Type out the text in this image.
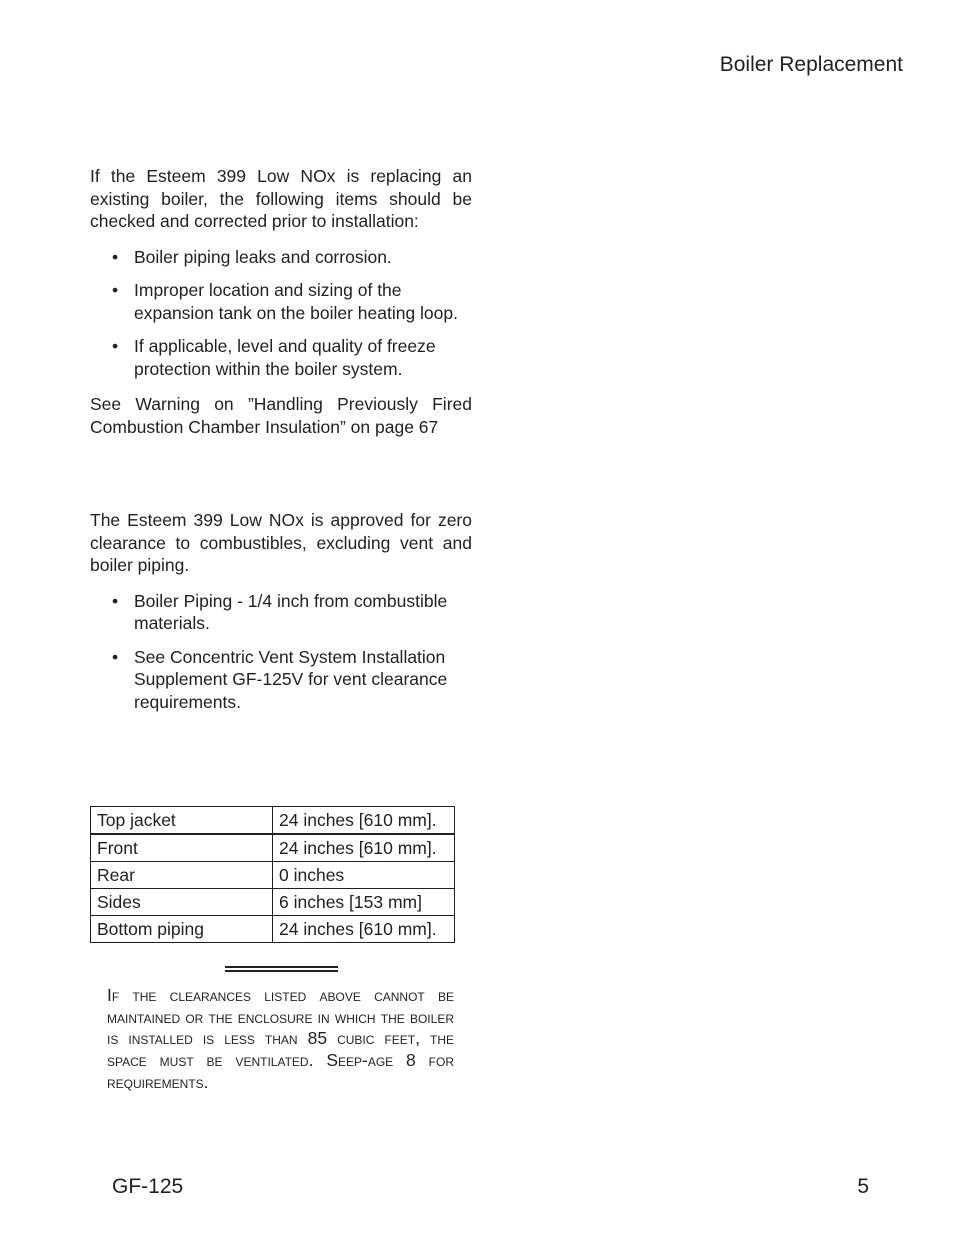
Boiler Replacement

If the Esteem 399 Low NOx is replacing an existing boiler, the following items should be checked and corrected prior to installation:

• Boiler piping leaks and corrosion.
• Improper location and sizing of the expansion tank on the boiler heating loop.
• If applicable, level and quality of freeze protection within the boiler system.

See Warning on ”Handling Previously Fired Combustion Chamber Insulation” on page 67

The Esteem 399 Low NOx is approved for zero clearance to combustibles, excluding vent and boiler piping.

• Boiler Piping - 1/4 inch from combustible materials.
• See Concentric Vent System Installation Supplement GF-125V for vent clearance requirements.
Top jacket	24 inches [610 mm].
Front	24 inches [610 mm].
Rear	0 inches
Sides	6 inches [153 mm]
Bottom piping	24 inches [610 mm].

If the clearances listed above cannot be maintained or the enclosure in which the boiler is installed is less than 85 cubic feet, the space must be ventilated. Seep-age 8 for requirements.

GF-125	5
